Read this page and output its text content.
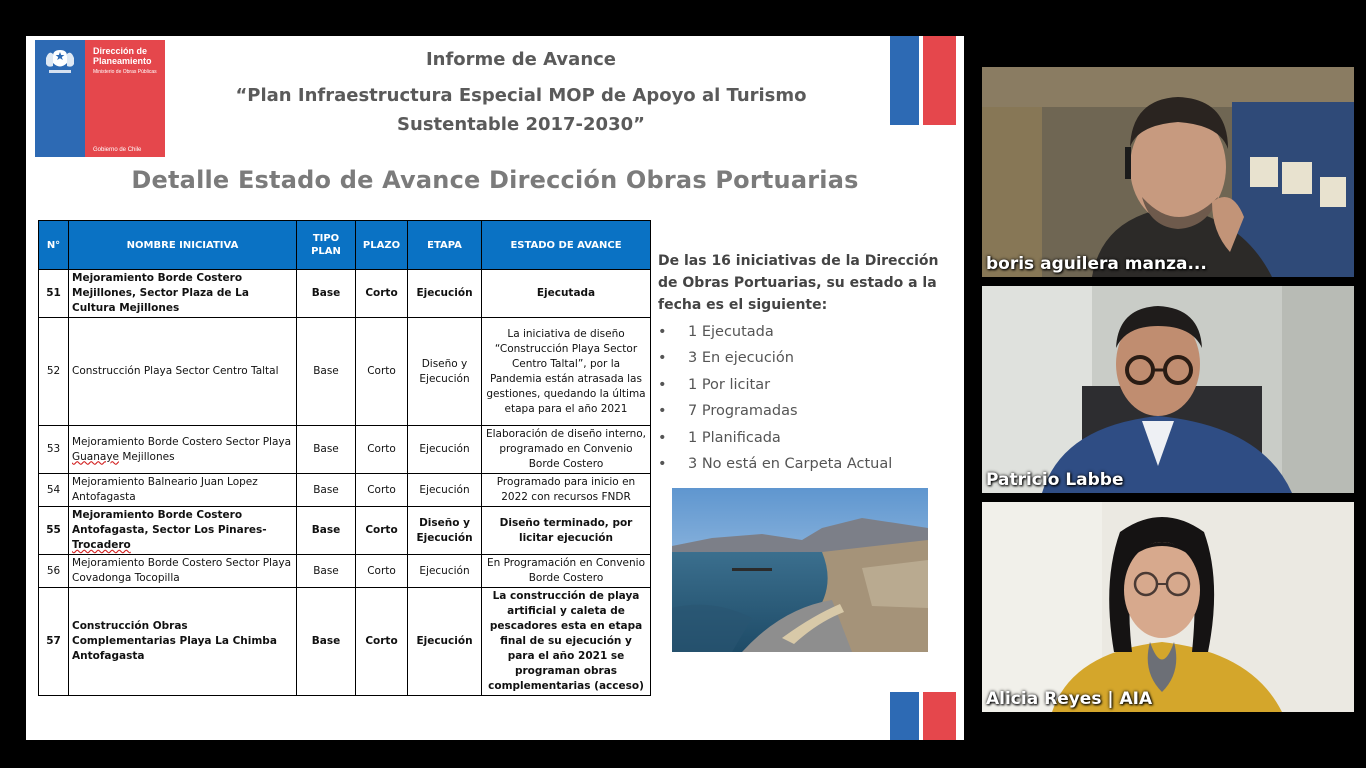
Dirección de Planeamiento
Ministerio de Obras Públicas
Gobierno de Chile
Informe de Avance
“Plan Infraestructura Especial MOP de Apoyo al Turismo Sustentable 2017-2030”
Detalle Estado de Avance Dirección Obras Portuarias
N°	NOMBRE INICIATIVA	TIPO PLAN	PLAZO	ETAPA	ESTADO DE AVANCE
51	Mejoramiento Borde Costero Mejillones, Sector Plaza de La Cultura Mejillones	Base	Corto	Ejecución	Ejecutada
52	Construcción Playa Sector Centro Taltal	Base	Corto	Diseño y Ejecución	La iniciativa de diseño “Construcción Playa Sector Centro Taltal”, por la Pandemia están atrasada las gestiones, quedando la última etapa para el año 2021
53	Mejoramiento Borde Costero Sector Playa Guanaye Mejillones	Base	Corto	Ejecución	Elaboración de diseño interno, programado en Convenio Borde Costero
54	Mejoramiento Balneario Juan Lopez Antofagasta	Base	Corto	Ejecución	Programado para inicio en 2022 con recursos FNDR
55	Mejoramiento Borde Costero Antofagasta, Sector Los Pinares-Trocadero	Base	Corto	Diseño y Ejecución	Diseño terminado, por licitar ejecución
56	Mejoramiento Borde Costero Sector Playa Covadonga Tocopilla	Base	Corto	Ejecución	En Programación en Convenio Borde Costero
57	Construcción Obras Complementarias Playa La Chimba Antofagasta	Base	Corto	Ejecución	La construcción de playa artificial y caleta de pescadores esta en etapa final de su ejecución y para el año 2021 se programan obras complementarias (acceso)
De las 16 iniciativas de la Dirección de Obras Portuarias, su estado a la fecha es el siguiente:
• 1 Ejecutada
• 3 En ejecución
• 1 Por licitar
• 7 Programadas
• 1 Planificada
• 3 No está en Carpeta Actual
boris aguilera manza...
Patricio Labbe
Alicia Reyes | AIA
